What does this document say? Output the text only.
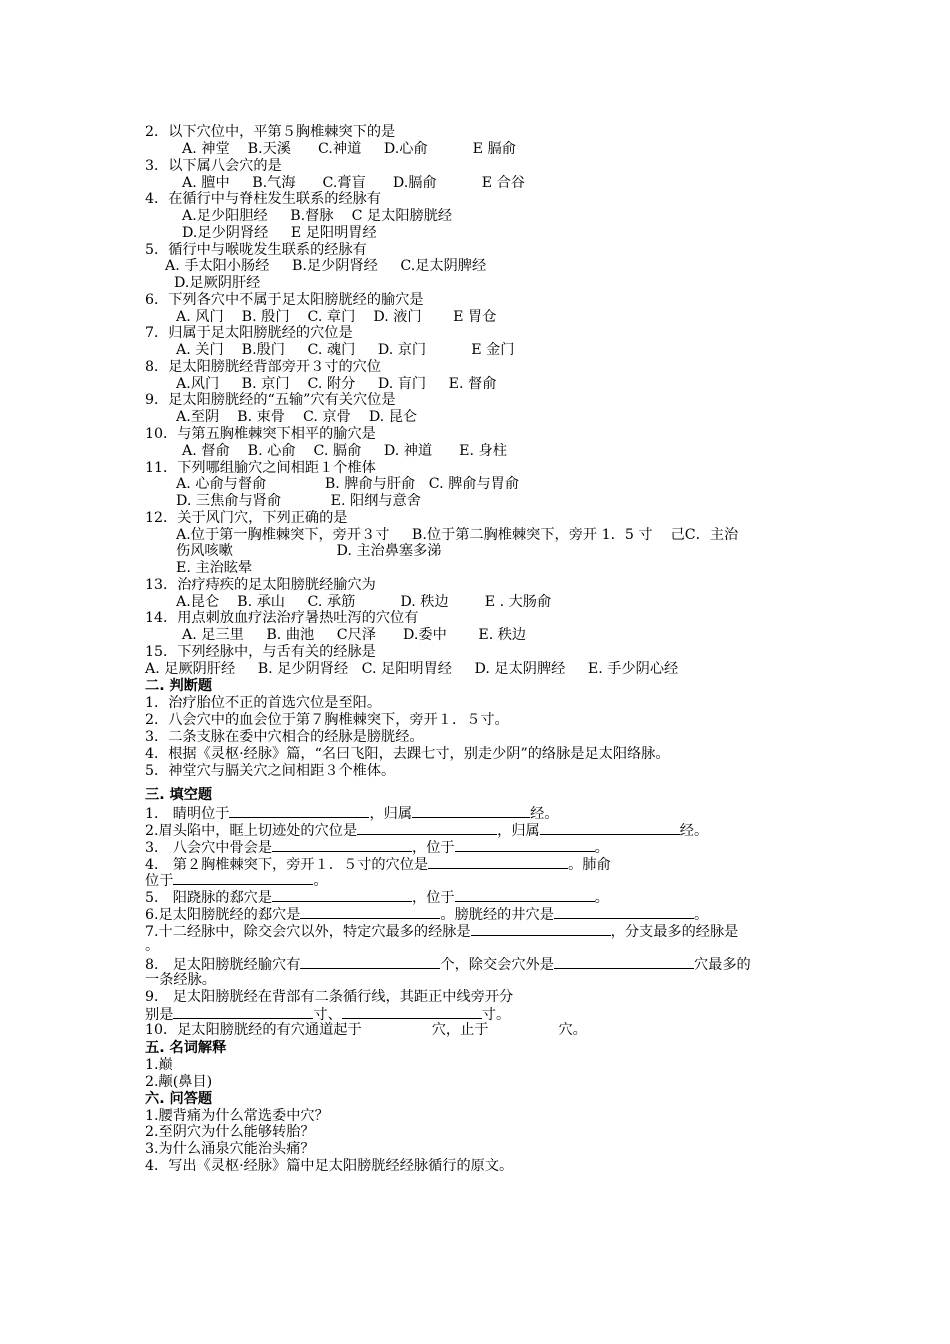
2．以下穴位中，平第５胸椎棘突下的是
A. 神堂    B.天溪      C.神道     D.心俞          E 膈俞
3．以下属八会穴的是
A. 膻中     B.气海      C.膏盲      D.膈俞          E 合谷
4．在循行中与脊柱发生联系的经脉有
A.足少阳胆经     B.督脉    C 足太阳膀胱经
D.足少阴肾经     E 足阳明胃经
5．循行中与喉咙发生联系的经脉有
A. 手太阳小肠经     B.足少阴肾经     C.足太阴脾经
D.足厥阴肝经
6．下列各穴中不属于足太阳膀胱经的腧穴是
A. 风门    B. 殷门    C. 章门    D. 液门       E 胃仓
7．归属于足太阳膀胱经的穴位是
A. 关门    B.殷门     C. 魂门     D. 京门          E 金门
8．足太阳膀胱经背部旁开３寸的穴位
A.风门     B. 京门    C. 附分     D. 肓门     E. 督俞
9．足太阳膀胱经的“五输”穴有关穴位是
A.至阴    B. 束骨    C. 京骨    D. 昆仑
10．与第五胸椎棘突下相平的腧穴是
A. 督俞    B. 心俞    C. 膈俞     D. 神道      E. 身柱
11．下列哪组腧穴之间相距１个椎体
A. 心俞与督俞             B. 脾俞与肝俞   C. 脾俞与胃俞
D. 三焦俞与肾俞           E. 阳纲与意舍
12．关于风门穴，下列正确的是
A.位于第一胸椎棘突下，旁开３寸     B.位于第二胸椎棘突下，旁开 1．5 寸    己C．主治
伤风咳嗽                       D. 主治鼻塞多涕
E. 主治眩晕
13．治疗痔疾的足太阳膀胱经腧穴为
A.昆仑    B. 承山     C. 承筋          D. 秩边        E . 大肠俞
14．用点刺放血疗法治疗暑热吐泻的穴位有
A. 足三里     B. 曲池     C尺泽      D.委中       E. 秩边
15．下列经脉中，与舌有关的经脉是
A. 足厥阴肝经     B. 足少阴肾经   C. 足阳明胃经     D. 足太阴脾经     E. 手少阴心经
二. 判断题
1．治疗胎位不正的首选穴位是至阳。
2．八会穴中的血会位于第７胸椎棘突下，旁开１．５寸。
3．二条支脉在委中穴相合的经脉是膀胱经。
4．根据《灵枢·经脉》篇，“名曰飞阳，去踝七寸，别走少阴”的络脉是足太阳络脉。
5．神堂穴与膈关穴之间相距３个椎体。
三. 填空题
1． 睛明位于	，归属	经。
2.眉头陷中，眶上切迹处的穴位是	，归属	经。
3． 八会穴中骨会是	，位于	。
4． 第２胸椎棘突下，旁开１．５寸的穴位是	。肺俞
位于	。
5． 阳跷脉的郄穴是	，位于	。
6.足太阳膀胱经的郄穴是	。膀胱经的井穴是	。
7.十二经脉中，除交会穴以外，特定穴最多的经脉是	，分支最多的经脉是
。
8． 足太阳膀胱经腧穴有	个，除交会穴外是	穴最多的
一条经脉。
9． 足太阳膀胱经在背部有二条循行线，其距正中线旁开分
别是	寸、	寸。
10．足太阳膀胱经的有穴通道起于	穴，止于	穴。
五. 名词解释
1.巅
2.颟(鼻目)
六. 问答题
1.腰背痛为什么常选委中穴？
2.至阴穴为什么能够转胎？
3.为什么涌泉穴能治头痛？
4．写出《灵枢·经脉》篇中足太阳膀胱经经脉循行的原文。
